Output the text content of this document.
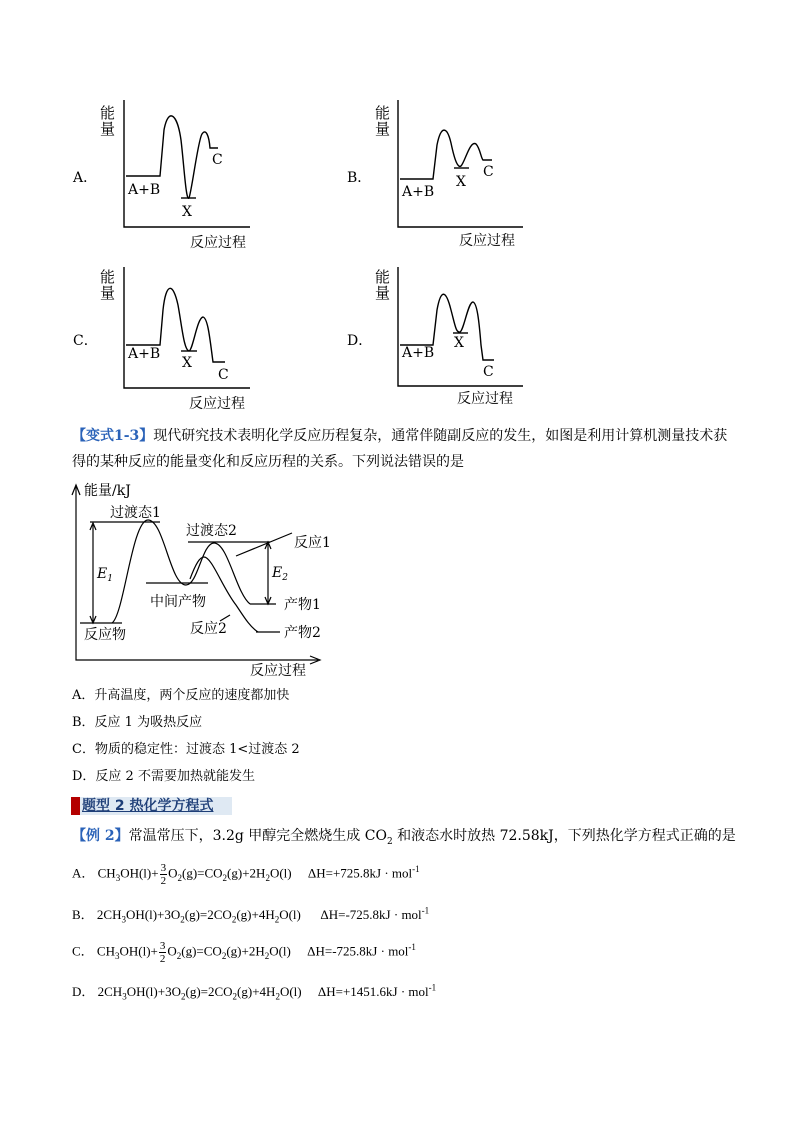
A．
能
量
A+B
X
C
反应过程
B．
能
量
A+B
X
C
反应过程
C．
能
量
A+B
X
C
反应过程
D．
能
量
A+B
X
C
反应过程
【变式1-3】现代研究技术表明化学反应历程复杂，通常伴随副反应的发生，如图是利用计算机测量技术获
得的某种反应的能量变化和反应历程的关系。下列说法错误的是
能量/kJ
过渡态1
过渡态2
反应1
中间产物	产物1
反应2	产物2
反应物
反应过程
$E_1$	$E_2$
A．升高温度，两个反应的速度都加快
B．反应 1 为吸热反应
C．物质的稳定性：过渡态 1<过渡态 2
D．反应 2 不需要加热就能发生
题型 2 热化学方程式
【例 2】常温常压下，3.2g 甲醇完全燃烧生成 $CO_2$ 和液态水时放热 72.58kJ，下列热化学方程式正确的是
A． $CH_3OH(l)+ \frac{3}{2} O_2(g)=CO_2(g)+2H_2O(l)$     ΔH=+725.8kJ · mol$^{-1}$
B． $2CH_3OH(l)+3O_2(g)=2CO_2(g)+4H_2O(l)$      ΔH=-725.8kJ · mol$^{-1}$
C． $CH_3OH(l)+ \frac{3}{2} O_2(g)=CO_2(g)+2H_2O(l)$     ΔH=-725.8kJ · mol$^{-1}$
D． $2CH_3OH(l)+3O_2(g)=2CO_2(g)+4H_2O(l)$     ΔH=+1451.6kJ · mol$^{-1}$
